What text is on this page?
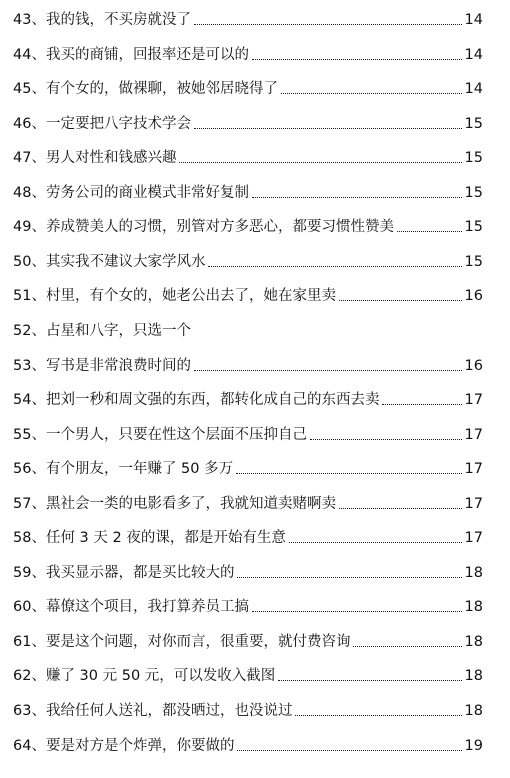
43、 我的钱，不买房就没了	14
44、 我买的商铺，回报率还是可以的	14
45、 有个女的，做裸聊，被她邻居晓得了	14
46、 一定要把八字技术学会	15
47、 男人对性和钱感兴趣	15
48、 劳务公司的商业模式非常好复制	15
49、 养成赞美人的习惯，别管对方多恶心，都要习惯性赞美	15
50、 其实我不建议大家学风水	15
51、 村里，有个女的，她老公出去了，她在家里卖	16
52、 占星和八字，只选一个
53、 写书是非常浪费时间的	16
54、 把刘一秒和周文强的东西，都转化成自己的东西去卖	17
55、 一个男人，只要在性这个层面不压抑自己	17
56、 有个朋友，一年赚了 50 多万	17
57、 黑社会一类的电影看多了，我就知道卖赌啊卖	17
58、 任何 3 天 2 夜的课，都是开始有生意	17
59、 我买显示器，都是买比较大的	18
60、 幕僚这个项目，我打算养员工搞	18
61、 要是这个问题，对你而言，很重要，就付费咨询	18
62、 赚了 30 元 50 元，可以发收入截图	18
63、 我给任何人送礼，都没晒过，也没说过	18
64、 要是对方是个炸弹，你要做的	19
